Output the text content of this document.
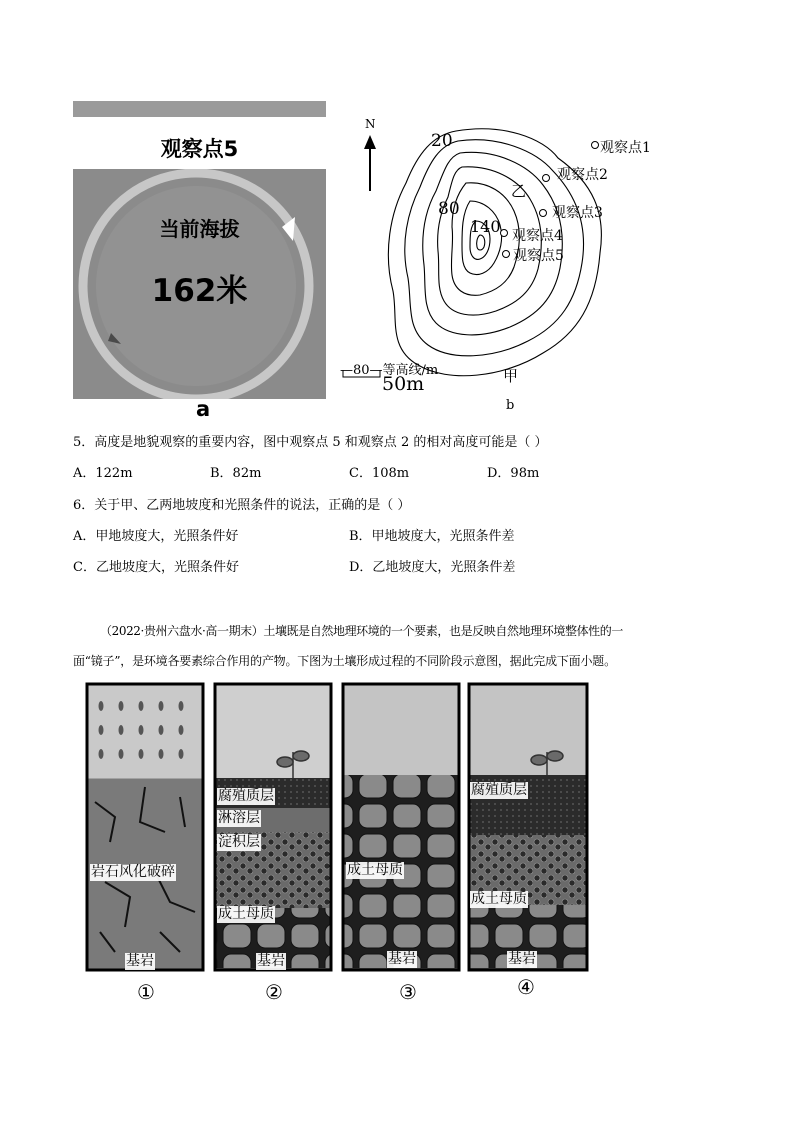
观察点5
当前海拔
162米
a
N
20
80
140
乙
甲
观察点1
观察点2
观察点3
观察点4
观察点5
—80—等高线/m
50m
b
5．高度是地貌观察的重要内容，图中观察点 5 和观察点 2 的相对高度可能是（ ）
A．122m	B．82m	C．108m	D．98m
6．关于甲、乙两地坡度和光照条件的说法，正确的是（ ）
A．甲地坡度大，光照条件好	B．甲地坡度大，光照条件差
C．乙地坡度大，光照条件好	D．乙地坡度大，光照条件差
（2022·贵州六盘水·高一期末）土壤既是自然地理环境的一个要素，也是反映自然地理环境整体性的一
面“镜子”，是环境各要素综合作用的产物。下图为土壤形成过程的不同阶段示意图，据此完成下面小题。
岩石风化破碎
基岩
①
腐殖质层
淋溶层
淀积层
成土母质
基岩
②
成土母质
基岩
③
腐殖质层
成土母质
基岩
④
